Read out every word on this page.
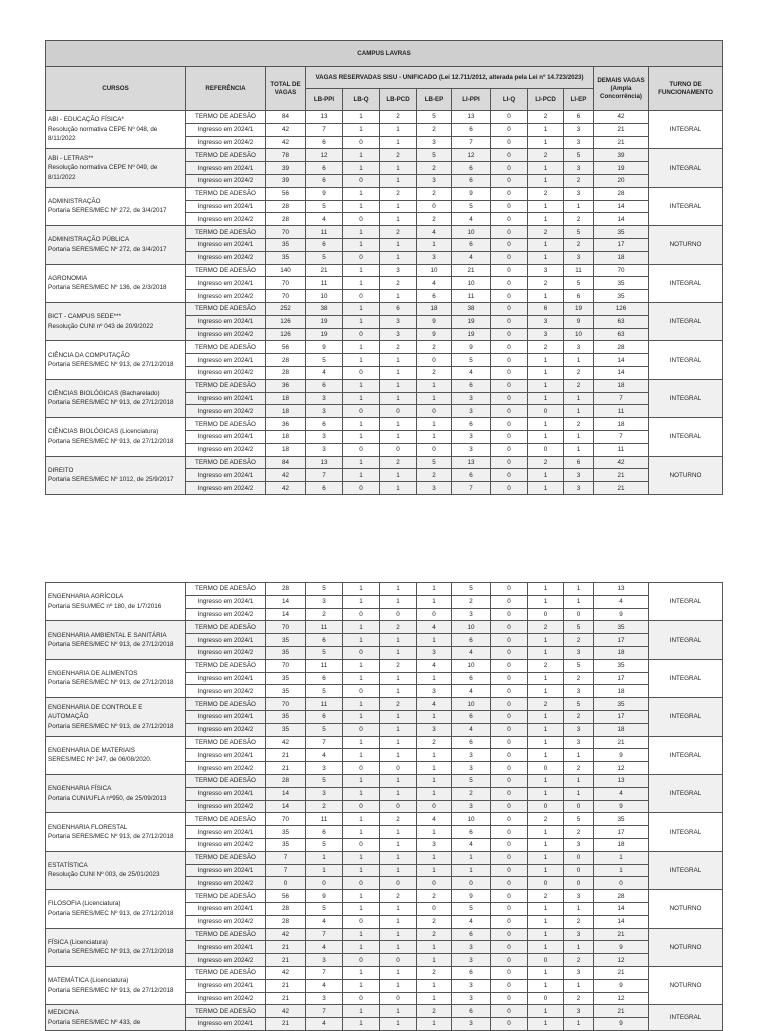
CAMPUS LAVRAS												
CURSOS	REFERÊNCIA	TOTAL DE VAGAS	VAGAS RESERVADAS SISU - UNIFICADO (Lei 12.711/2012, alterada pela Lei nº 14.723/2023)								DEMAIS VAGAS (Ampla Concorrência)	TURNO DE FUNCIONAMENTO
			LB-PPI	LB-Q	LB-PCD	LB-EP	LI-PPI	LI-Q	LI-PCD	LI-EP		

ABI - EDUCAÇÃO FÍSICA*
Resolução normativa CEPE Nº 048, de 8/11/2022	TERMO DE ADESÃO	84	13	1	2	5	13	0	2	6	42	INTEGRAL
	Ingresso em 2024/1	42	7	1	1	2	6	0	1	3	21	
	Ingresso em 2024/2	42	6	0	1	3	7	0	1	3	21	

ABI - LETRAS**
Resolução normativa CEPE Nº 049, de 8/11/2022	TERMO DE ADESÃO	78	12	1	2	5	12	0	2	5	39	INTEGRAL
	Ingresso em 2024/1	39	6	1	1	2	6	0	1	3	19	
	Ingresso em 2024/2	39	6	0	1	3	6	0	1	2	20	

ADMINISTRAÇÃO
Portaria SERES/MEC Nº 272, de 3/4/2017	TERMO DE ADESÃO	56	9	1	2	2	9	0	2	3	28	INTEGRAL
	Ingresso em 2024/1	28	5	1	1	0	5	0	1	1	14	
	Ingresso em 2024/2	28	4	0	1	2	4	0	1	2	14	

ADMINISTRAÇÃO PÚBLICA
Portaria SERES/MEC Nº 272, de 3/4/2017	TERMO DE ADESÃO	70	11	1	2	4	10	0	2	5	35	NOTURNO
	Ingresso em 2024/1	35	6	1	1	1	6	0	1	2	17	
	Ingresso em 2024/2	35	5	0	1	3	4	0	1	3	18	

AGRONOMIA
Portaria SERES/MEC Nº 136, de 2/3/2018	TERMO DE ADESÃO	140	21	1	3	10	21	0	3	11	70	INTEGRAL
	Ingresso em 2024/1	70	11	1	2	4	10	0	2	5	35	
	Ingresso em 2024/2	70	10	0	1	6	11	0	1	6	35	

BICT - CAMPUS SEDE***
Resolução CUNI nº 043 de 20/9/2022	TERMO DE ADESÃO	252	38	1	6	18	38	0	6	19	126	INTEGRAL
	Ingresso em 2024/1	126	19	1	3	9	19	0	3	9	63	
	Ingresso em 2024/2	126	19	0	3	9	19	0	3	10	63	

CIÊNCIA DA COMPUTAÇÃO
Portaria SERES/MEC Nº 913, de 27/12/2018	TERMO DE ADESÃO	56	9	1	2	2	9	0	2	3	28	INTEGRAL
	Ingresso em 2024/1	28	5	1	1	0	5	0	1	1	14	
	Ingresso em 2024/2	28	4	0	1	2	4	0	1	2	14	

CIÊNCIAS BIOLÓGICAS (Bacharelado)
Portaria SERES/MEC Nº 913, de 27/12/2018	TERMO DE ADESÃO	36	6	1	1	1	6	0	1	2	18	INTEGRAL
	Ingresso em 2024/1	18	3	1	1	1	3	0	1	1	7	
	Ingresso em 2024/2	18	3	0	0	0	3	0	0	1	11	

CIÊNCIAS BIOLÓGICAS (Licenciatura)
Portaria SERES/MEC Nº 913, de 27/12/2018	TERMO DE ADESÃO	36	6	1	1	1	6	0	1	2	18	INTEGRAL
	Ingresso em 2024/1	18	3	1	1	1	3	0	1	1	7	
	Ingresso em 2024/2	18	3	0	0	0	3	0	0	1	11	

DIREITO
Portaria SERES/MEC Nº 1012, de 25/9/2017	TERMO DE ADESÃO	84	13	1	2	5	13	0	2	6	42	NOTURNO
	Ingresso em 2024/1	42	7	1	1	2	6	0	1	3	21	
	Ingresso em 2024/2	42	6	0	1	3	7	0	1	3	21	
ENGENHARIA AGRÍCOLA
Portaria SESU/MEC nº 180, de 1/7/2016	TERMO DE ADESÃO	28	5	1	1	1	5	0	1	1	13	INTEGRAL
	Ingresso em 2024/1	14	3	1	1	1	2	0	1	1	4	
	Ingresso em 2024/2	14	2	0	0	0	3	0	0	0	9	

ENGENHARIA AMBIENTAL E SANITÁRIA
Portaria SERES/MEC Nº 913, de 27/12/2018	TERMO DE ADESÃO	70	11	1	2	4	10	0	2	5	35	INTEGRAL
	Ingresso em 2024/1	35	6	1	1	1	6	0	1	2	17	
	Ingresso em 2024/2	35	5	0	1	3	4	0	1	3	18	

ENGENHARIA DE ALIMENTOS
Portaria SERES/MEC Nº 913, de 27/12/2018	TERMO DE ADESÃO	70	11	1	2	4	10	0	2	5	35	INTEGRAL
	Ingresso em 2024/1	35	6	1	1	1	6	0	1	2	17	
	Ingresso em 2024/2	35	5	0	1	3	4	0	1	3	18	

ENGENHARIA DE CONTROLE E AUTOMAÇÃO
Portaria SERES/MEC Nº 913, de 27/12/2018	TERMO DE ADESÃO	70	11	1	2	4	10	0	2	5	35	INTEGRAL
	Ingresso em 2024/1	35	6	1	1	1	6	0	1	2	17	
	Ingresso em 2024/2	35	5	0	1	3	4	0	1	3	18	

ENGENHARIA DE MATERIAIS
SERES/MEC Nº 247, de 06/08/2020.	TERMO DE ADESÃO	42	7	1	1	2	6	0	1	3	21	INTEGRAL
	Ingresso em 2024/1	21	4	1	1	1	3	0	1	1	9	
	Ingresso em 2024/2	21	3	0	0	1	3	0	0	2	12	

ENGENHARIA FÍSICA
Portaria CUNI/UFLA nº950, de 25/09/2013	TERMO DE ADESÃO	28	5	1	1	1	5	0	1	1	13	INTEGRAL
	Ingresso em 2024/1	14	3	1	1	1	2	0	1	1	4	
	Ingresso em 2024/2	14	2	0	0	0	3	0	0	0	9	

ENGENHARIA FLORESTAL
Portaria SERES/MEC Nº 913, de 27/12/2018	TERMO DE ADESÃO	70	11	1	2	4	10	0	2	5	35	INTEGRAL
	Ingresso em 2024/1	35	6	1	1	1	6	0	1	2	17	
	Ingresso em 2024/2	35	5	0	1	3	4	0	1	3	18	

ESTATÍSTICA
Resolução CUNI Nº 003, de 25/01/2023	TERMO DE ADESÃO	7	1	1	1	1	1	0	1	0	1	INTEGRAL
	Ingresso em 2024/1	7	1	1	1	1	1	0	1	0	1	
	Ingresso em 2024/2	0	0	0	0	0	0	0	0	0	0	

FILOSOFIA (Licenciatura)
Portaria SERES/MEC Nº 913, de 27/12/2018	TERMO DE ADESÃO	56	9	1	2	2	9	0	2	3	28	NOTURNO
	Ingresso em 2024/1	28	5	1	1	0	5	0	1	1	14	
	Ingresso em 2024/2	28	4	0	1	2	4	0	1	2	14	

FÍSICA (Licenciatura)
Portaria SERES/MEC Nº 913, de 27/12/2018	TERMO DE ADESÃO	42	7	1	1	2	6	0	1	3	21	NOTURNO
	Ingresso em 2024/1	21	4	1	1	1	3	0	1	1	9	
	Ingresso em 2024/2	21	3	0	0	1	3	0	0	2	12	

MATEMÁTICA (Licenciatura)
Portaria SERES/MEC Nº 913, de 27/12/2018	TERMO DE ADESÃO	42	7	1	1	2	6	0	1	3	21	NOTURNO
	Ingresso em 2024/1	21	4	1	1	1	3	0	1	1	9	
	Ingresso em 2024/2	21	3	0	0	1	3	0	0	2	12	

MEDICINA
Portaria SERES/MEC Nº 433, de	TERMO DE ADESÃO	42	7	1	1	2	6	0	1	3	21	INTEGRAL
	Ingresso em 2024/1	21	4	1	1	1	3	0	1	1	9	
